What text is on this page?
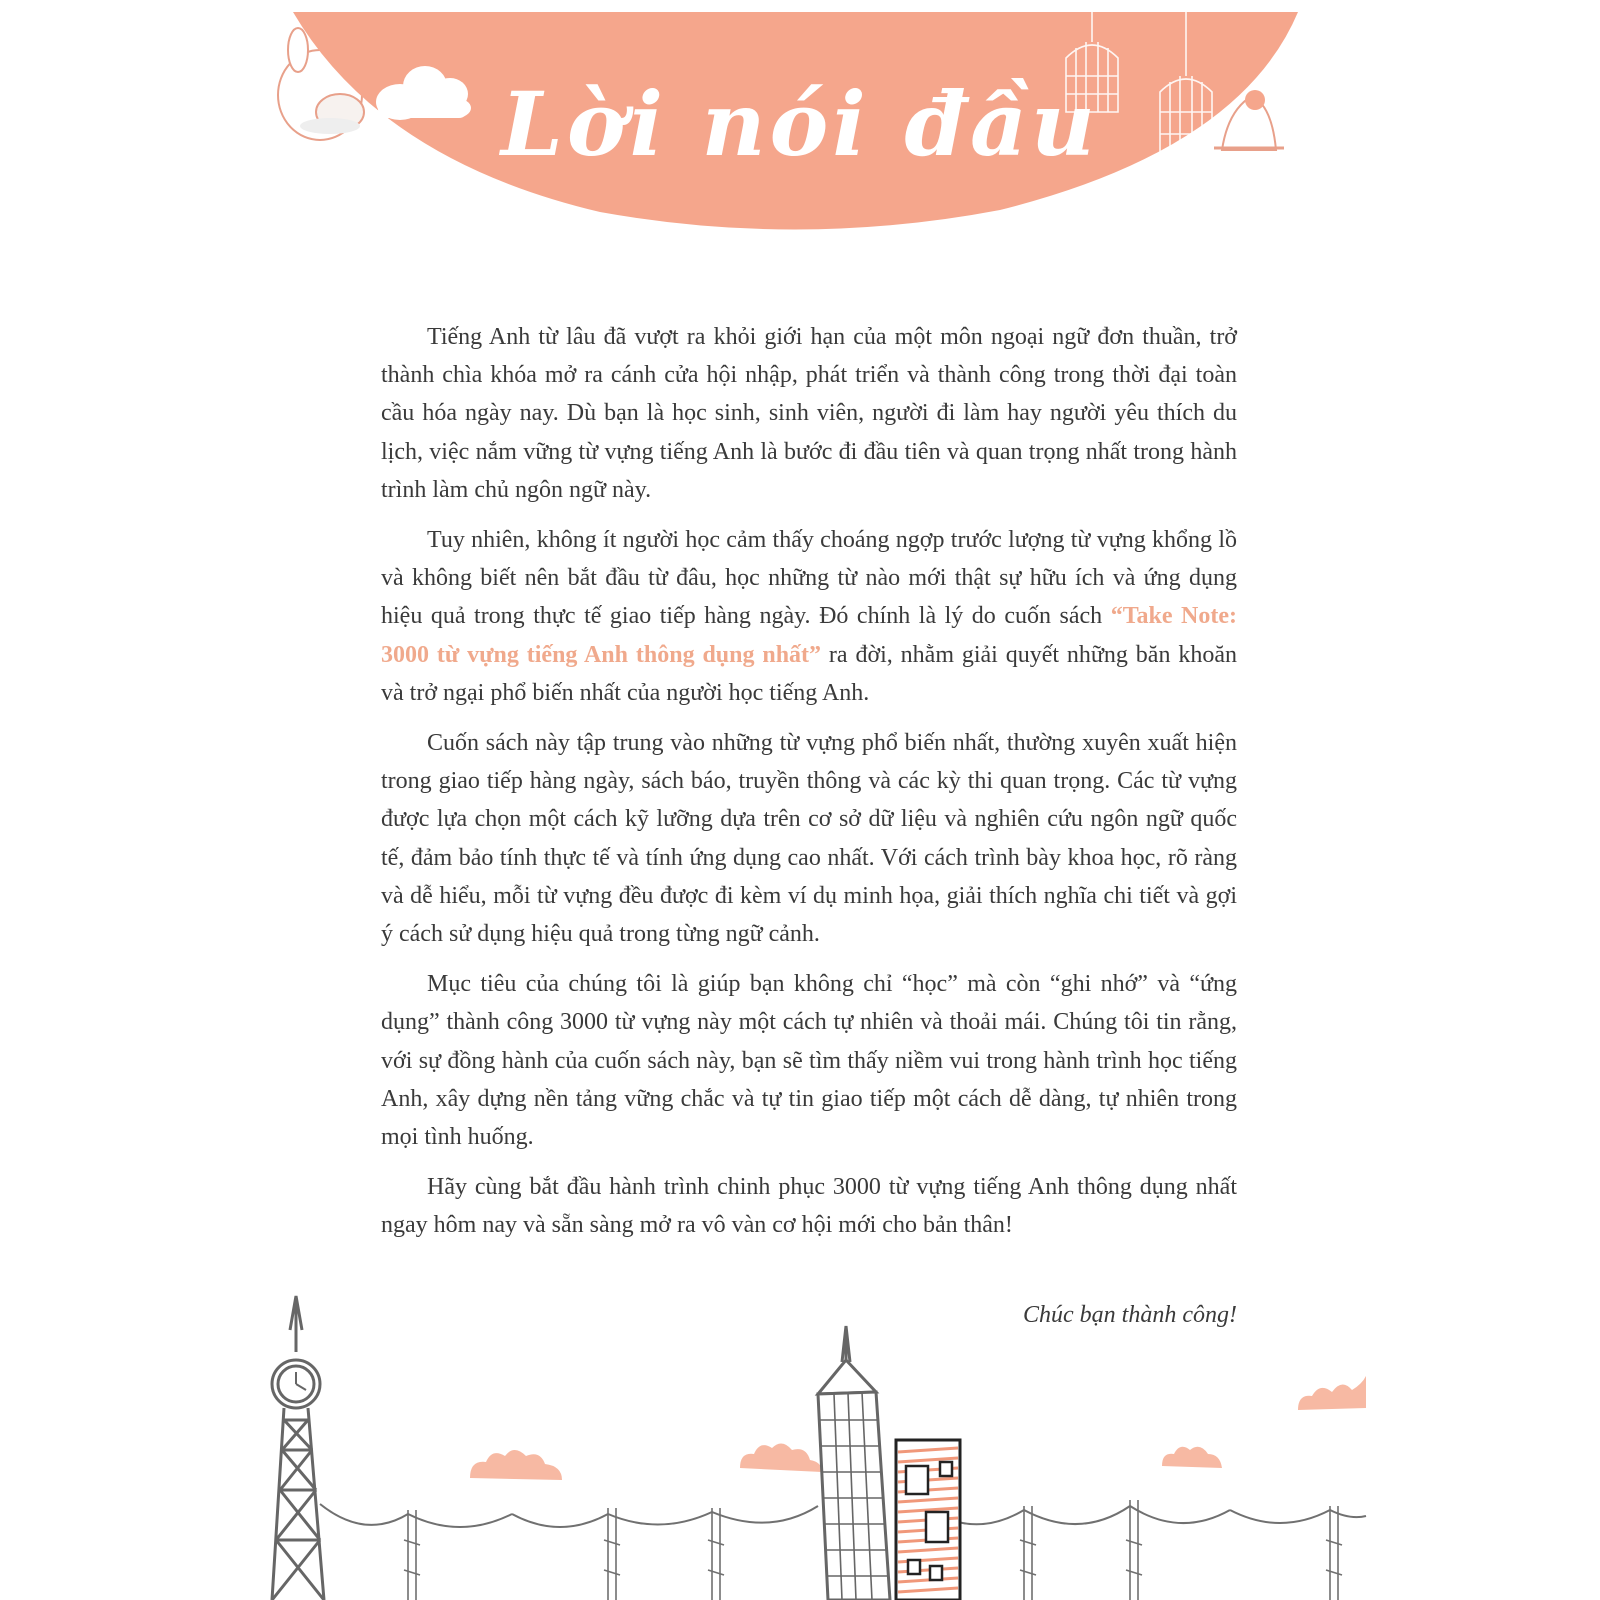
Lời nói đầu

Tiếng Anh từ lâu đã vượt ra khỏi giới hạn của một môn ngoại ngữ đơn thuần, trở thành chìa khóa mở ra cánh cửa hội nhập, phát triển và thành công trong thời đại toàn cầu hóa ngày nay. Dù bạn là học sinh, sinh viên, người đi làm hay người yêu thích du lịch, việc nắm vững từ vựng tiếng Anh là bước đi đầu tiên và quan trọng nhất trong hành trình làm chủ ngôn ngữ này.

Tuy nhiên, không ít người học cảm thấy choáng ngợp trước lượng từ vựng khổng lồ và không biết nên bắt đầu từ đâu, học những từ nào mới thật sự hữu ích và ứng dụng hiệu quả trong thực tế giao tiếp hàng ngày. Đó chính là lý do cuốn sách “Take Note: 3000 từ vựng tiếng Anh thông dụng nhất” ra đời, nhằm giải quyết những băn khoăn và trở ngại phổ biến nhất của người học tiếng Anh.

Cuốn sách này tập trung vào những từ vựng phổ biến nhất, thường xuyên xuất hiện trong giao tiếp hàng ngày, sách báo, truyền thông và các kỳ thi quan trọng. Các từ vựng được lựa chọn một cách kỹ lưỡng dựa trên cơ sở dữ liệu và nghiên cứu ngôn ngữ quốc tế, đảm bảo tính thực tế và tính ứng dụng cao nhất. Với cách trình bày khoa học, rõ ràng và dễ hiểu, mỗi từ vựng đều được đi kèm ví dụ minh họa, giải thích nghĩa chi tiết và gợi ý cách sử dụng hiệu quả trong từng ngữ cảnh.

Mục tiêu của chúng tôi là giúp bạn không chỉ “học” mà còn “ghi nhớ” và “ứng dụng” thành công 3000 từ vựng này một cách tự nhiên và thoải mái. Chúng tôi tin rằng, với sự đồng hành của cuốn sách này, bạn sẽ tìm thấy niềm vui trong hành trình học tiếng Anh, xây dựng nền tảng vững chắc và tự tin giao tiếp một cách dễ dàng, tự nhiên trong mọi tình huống.

Hãy cùng bắt đầu hành trình chinh phục 3000 từ vựng tiếng Anh thông dụng nhất ngay hôm nay và sẵn sàng mở ra vô vàn cơ hội mới cho bản thân!

Chúc bạn thành công!
